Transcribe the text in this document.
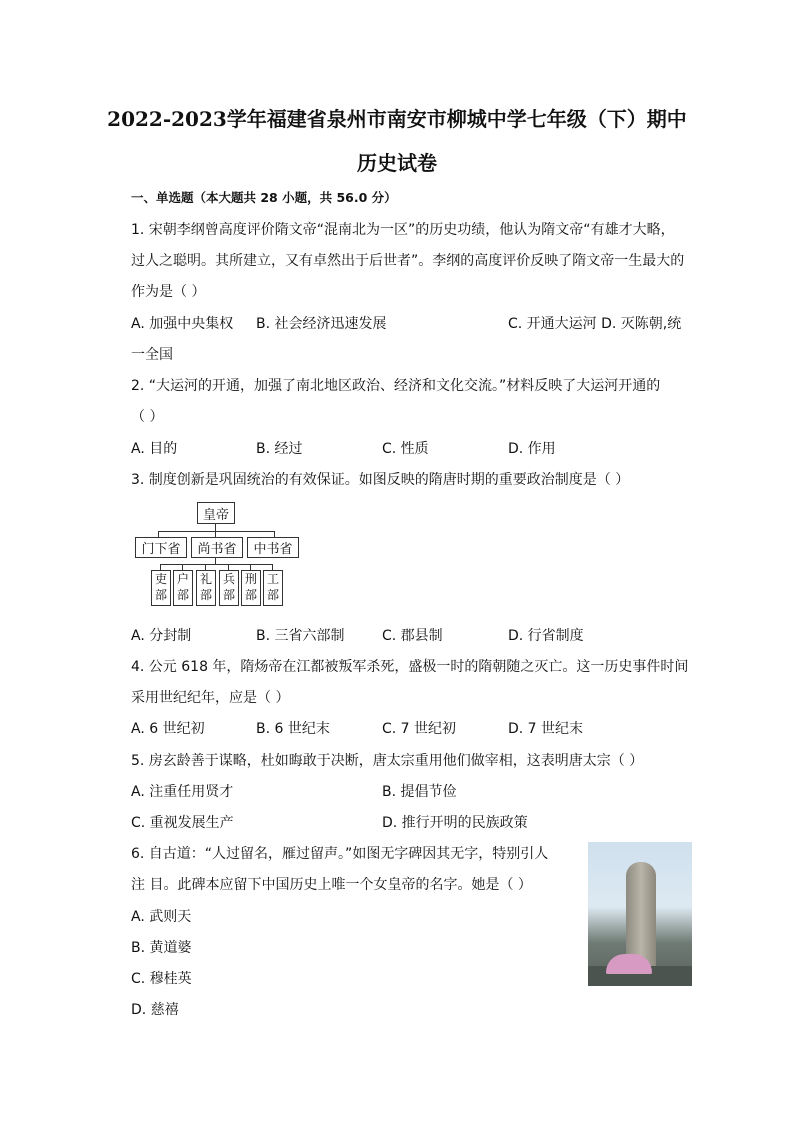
2022-2023学年福建省泉州市南安市柳城中学七年级（下）期中
历史试卷
一、单选题（本大题共 28 小题，共 56.0 分）
1. 宋朝李纲曾高度评价隋文帝“混南北为一区”的历史功绩，他认为隋文帝“有雄才大略，
过人之聪明。其所建立，又有卓然出于后世者”。李纲的高度评价反映了隋文帝一生最大的
作为是（ ）
A. 加强中央集权 B. 社会经济迅速发展	C. 开通大运河 D. 灭陈朝,统
一全国
2. “大运河的开通，加强了南北地区政治、经济和文化交流。”材料反映了大运河开通的
（ ）
A. 目的	B. 经过	C. 性质	D. 作用
3. 制度创新是巩固统治的有效保证。如图反映的隋唐时期的重要政治制度是（ ）
皇帝
门下省	尚书省	中书省
吏
部
户
部
礼
部
兵
部
刑
部
工
部
A. 分封制	B. 三省六部制	C. 郡县制	D. 行省制度
4. 公元 618 年，隋炀帝在江都被叛军杀死，盛极一时的隋朝随之灭亡。这一历史事件时间
采用世纪纪年，应是（ ）
A. 6 世纪初	B. 6 世纪末	C. 7 世纪初	D. 7 世纪末
5. 房玄龄善于谋略，杜如晦敢于决断，唐太宗重用他们做宰相，这表明唐太宗（ ）
A. 注重任用贤才	B. 提倡节俭
C. 重视发展生产	D. 推行开明的民族政策
6. 自古道：“人过留名，雁过留声。”如图无字碑因其无字，特别引人
注 目。此碑本应留下中国历史上唯一个女皇帝的名字。她是（ ）
A. 武则天
B. 黄道婆
C. 穆桂英
D. 慈禧
